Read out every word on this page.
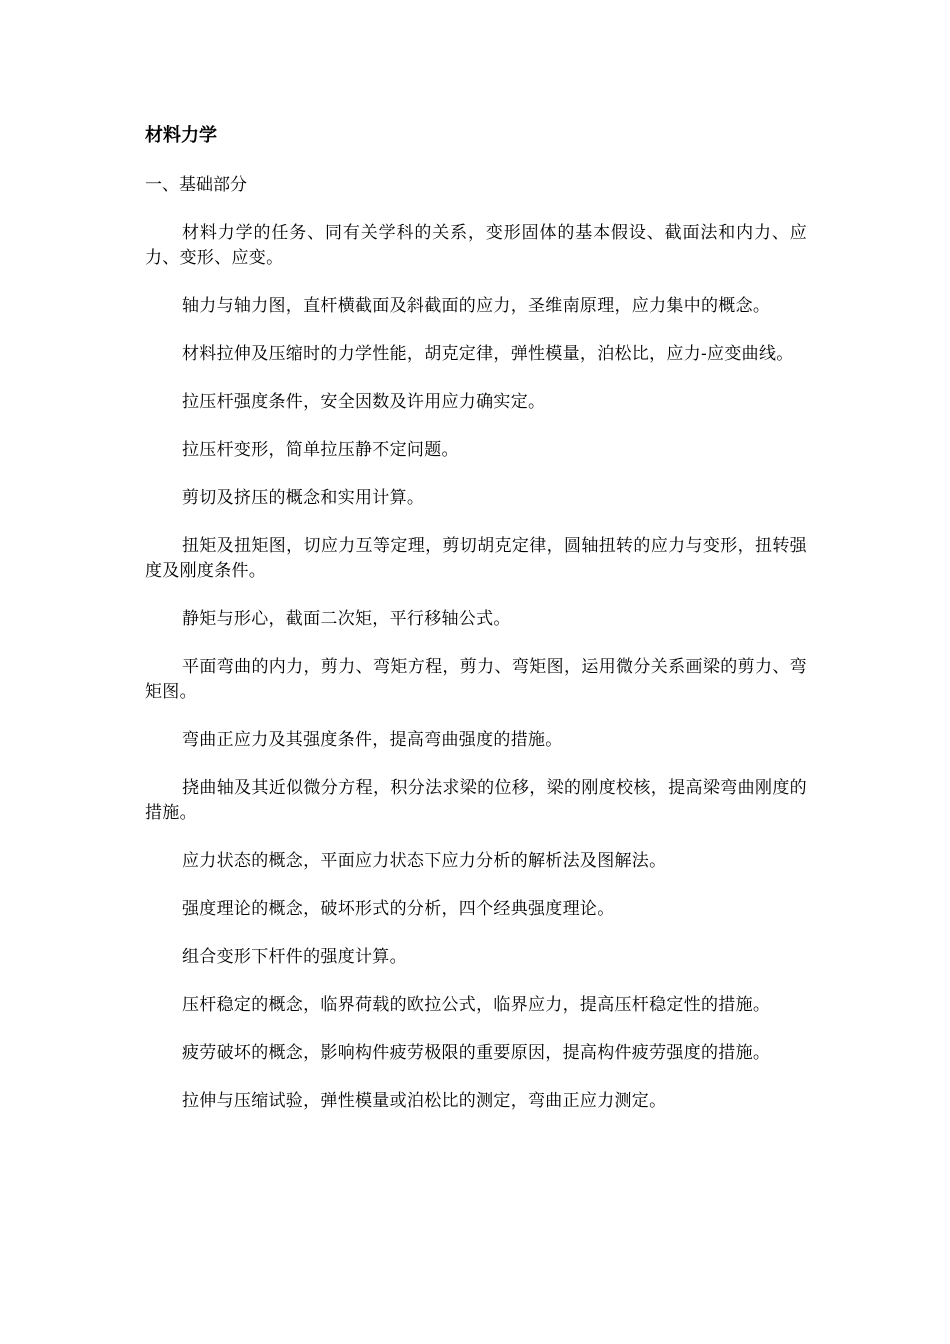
材料力学
一、基础部分

材料力学的任务、同有关学科的关系，变形固体的基本假设、截面法和内力、应力、变形、应变。

轴力与轴力图，直杆横截面及斜截面的应力，圣维南原理，应力集中的概念。

材料拉伸及压缩时的力学性能，胡克定律，弹性模量，泊松比，应力-应变曲线。

拉压杆强度条件，安全因数及许用应力确实定。

拉压杆变形，简单拉压静不定问题。

剪切及挤压的概念和实用计算。

扭矩及扭矩图，切应力互等定理，剪切胡克定律，圆轴扭转的应力与变形，扭转强度及刚度条件。

静矩与形心，截面二次矩，平行移轴公式。

平面弯曲的内力，剪力、弯矩方程，剪力、弯矩图，运用微分关系画梁的剪力、弯矩图。

弯曲正应力及其强度条件，提高弯曲强度的措施。

挠曲轴及其近似微分方程，积分法求梁的位移，梁的刚度校核，提高梁弯曲刚度的措施。

应力状态的概念，平面应力状态下应力分析的解析法及图解法。

强度理论的概念，破坏形式的分析，四个经典强度理论。

组合变形下杆件的强度计算。

压杆稳定的概念，临界荷载的欧拉公式，临界应力，提高压杆稳定性的措施。

疲劳破坏的概念，影响构件疲劳极限的重要原因，提高构件疲劳强度的措施。

拉伸与压缩试验，弹性模量或泊松比的测定，弯曲正应力测定。
